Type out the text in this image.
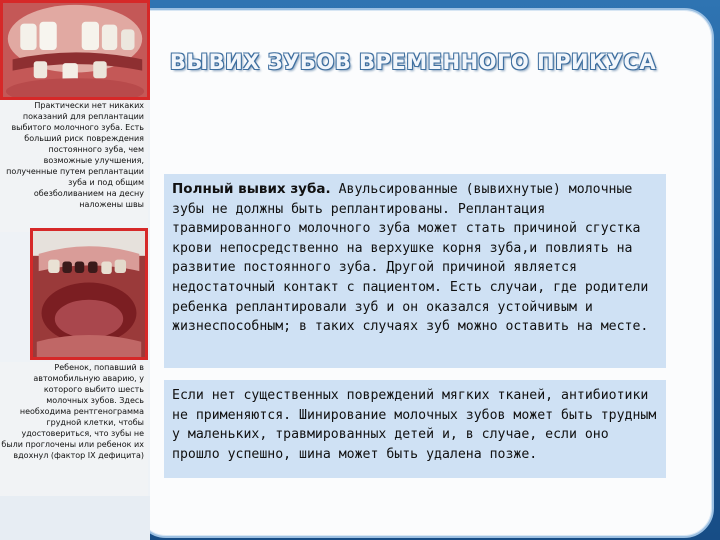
ВЫВИХ ЗУБОВ ВРЕМЕННОГО ПРИКУСА
Практически нет никаких показаний для реплантации выбитого молочного зуба. Есть больший риск повреждения постоянного зуба, чем возможные улучшения, полученные путем реплантации зуба и под общим обезболиванием на десну наложены швы
Ребенок, попавший в автомобильную аварию, у которого выбито шесть молочных зубов. Здесь необходима рентгенограмма грудной клетки, чтобы удостовериться, что зубы не были проглочены или ребенок их вдохнул (фактор IX дефицита)
Полный вывих зуба. Авульсированные (вывихнутые) молочные зубы не должны быть реплантированы. Реплантация травмированного молочного зуба может стать причиной сгустка крови непосредственно на верхушке корня зуба,и повлиять на развитие постоянного зуба. Другой причиной является недостаточный контакт с пациентом. Есть случаи, где родители ребенка реплантировали зуб и он оказался устойчивым и жизнеспособным; в таких случаях зуб можно оставить на месте.
Если нет существенных повреждений мягких тканей, антибиотики не применяются. Шинирование молочных зубов может быть трудным у маленьких, травмированных детей и, в случае, если оно прошло успешно, шина может быть удалена позже.
